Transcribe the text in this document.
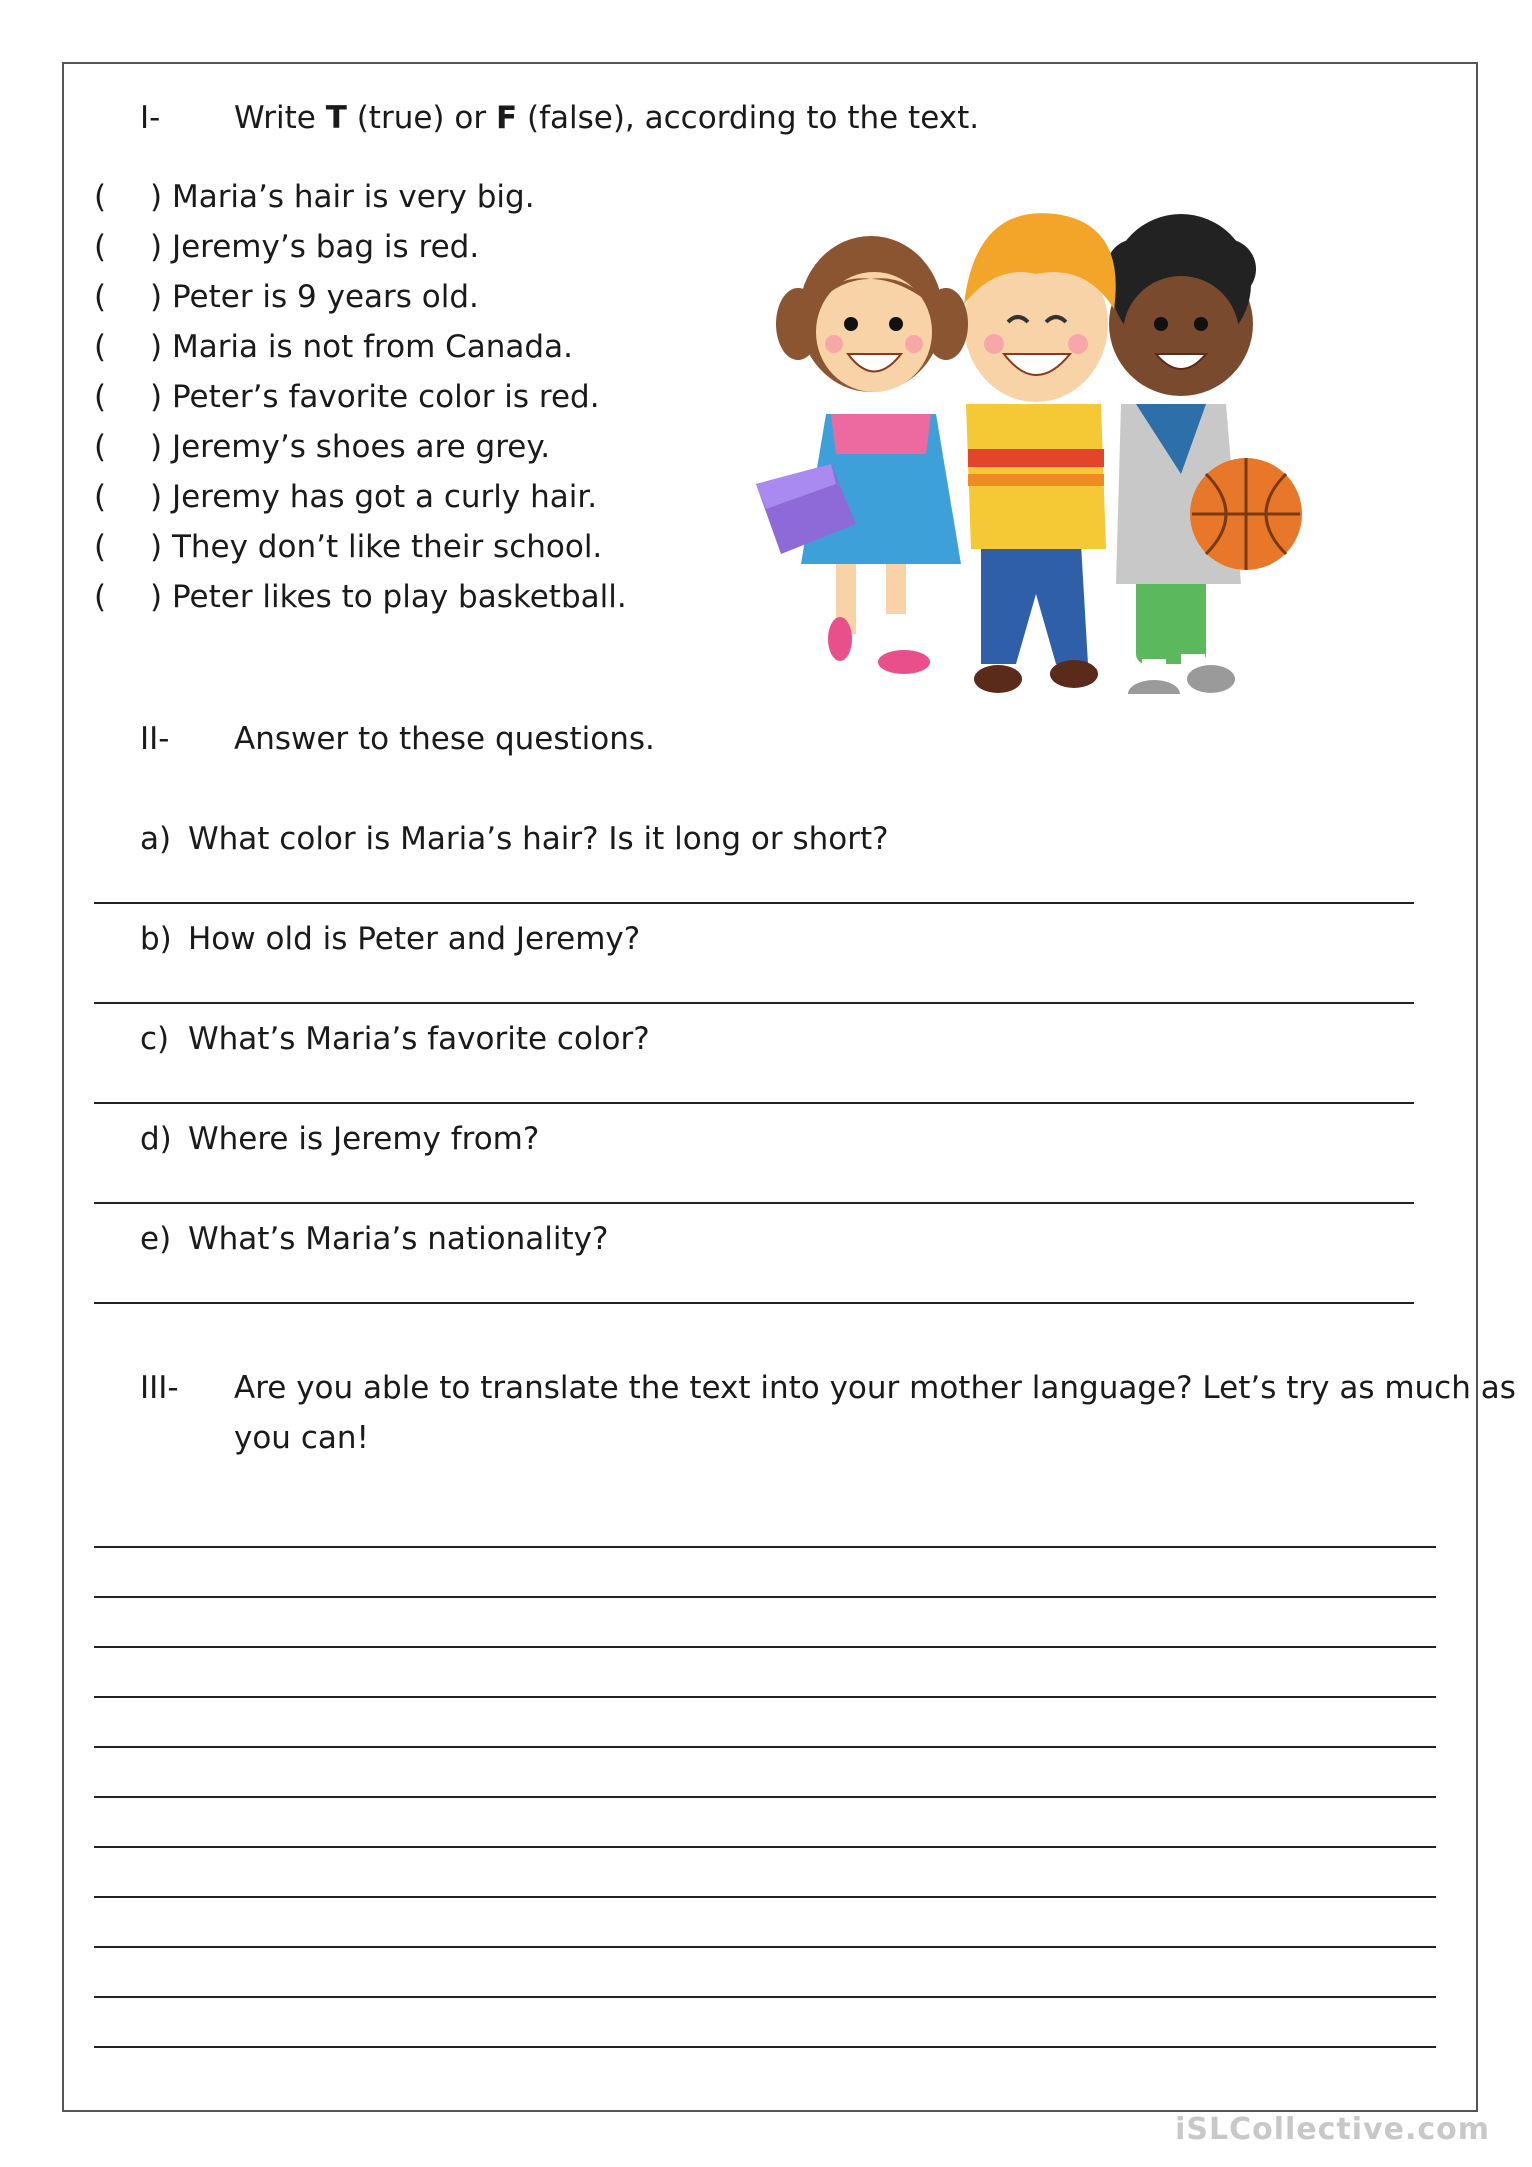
I- Write T (true) or F (false), according to the text.
( ) Maria’s hair is very big.
( ) Jeremy’s bag is red.
( ) Peter is 9 years old.
( ) Maria is not from Canada.
( ) Peter’s favorite color is red.
( ) Jeremy’s shoes are grey.
( ) Jeremy has got a curly hair.
( ) They don’t like their school.
( ) Peter likes to play basketball.
II- Answer to these questions.
a) What color is Maria’s hair? Is it long or short?
b) How old is Peter and Jeremy?
c) What’s Maria’s favorite color?
d) Where is Jeremy from?
e) What’s Maria’s nationality?
III- Are you able to translate the text into your mother language? Let’s try as much as
you can!
iSLCollective.com
